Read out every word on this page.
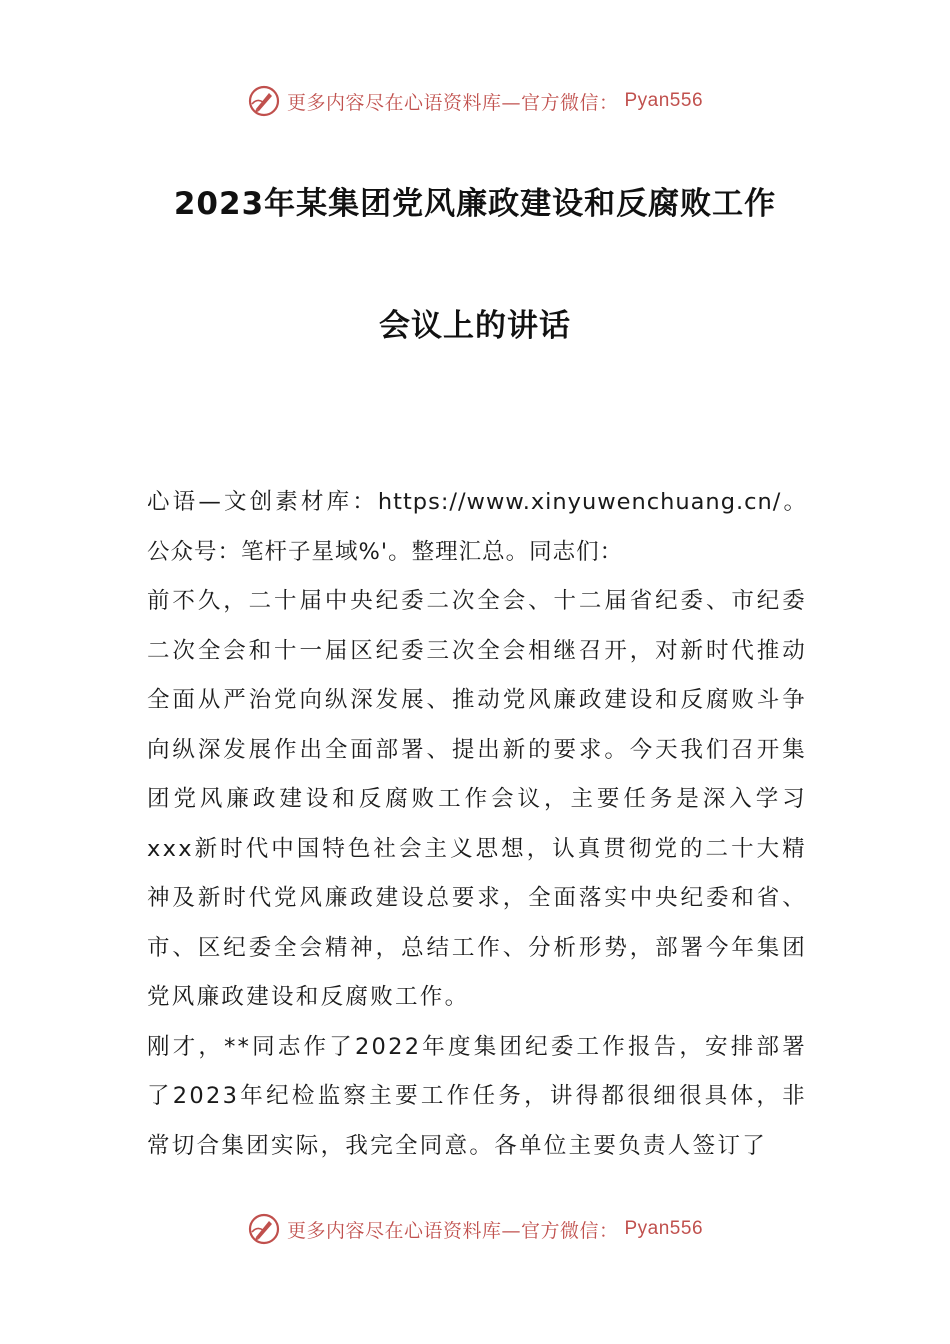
更多内容尽在心语资料库—官方微信： Pyan556
2023年某集团党风廉政建设和反腐败工作
会议上的讲话

心语—文创素材库：https://www.xinyuwenchuang.cn/。公众号：笔杆子星域%'。整理汇总。同志们：

前不久，二十届中央纪委二次全会、十二届省纪委、市纪委二次全会和十一届区纪委三次全会相继召开，对新时代推动全面从严治党向纵深发展、推动党风廉政建设和反腐败斗争向纵深发展作出全面部署、提出新的要求。今天我们召开集团党风廉政建设和反腐败工作会议，主要任务是深入学习xxx新时代中国特色社会主义思想，认真贯彻党的二十大精神及新时代党风廉政建设总要求，全面落实中央纪委和省、市、区纪委全会精神，总结工作、分析形势，部署今年集团党风廉政建设和反腐败工作。

刚才，**同志作了2022年度集团纪委工作报告，安排部署了2023年纪检监察主要工作任务，讲得都很细很具体，非常切合集团实际，我完全同意。各单位主要负责人签订了

更多内容尽在心语资料库—官方微信： Pyan556
